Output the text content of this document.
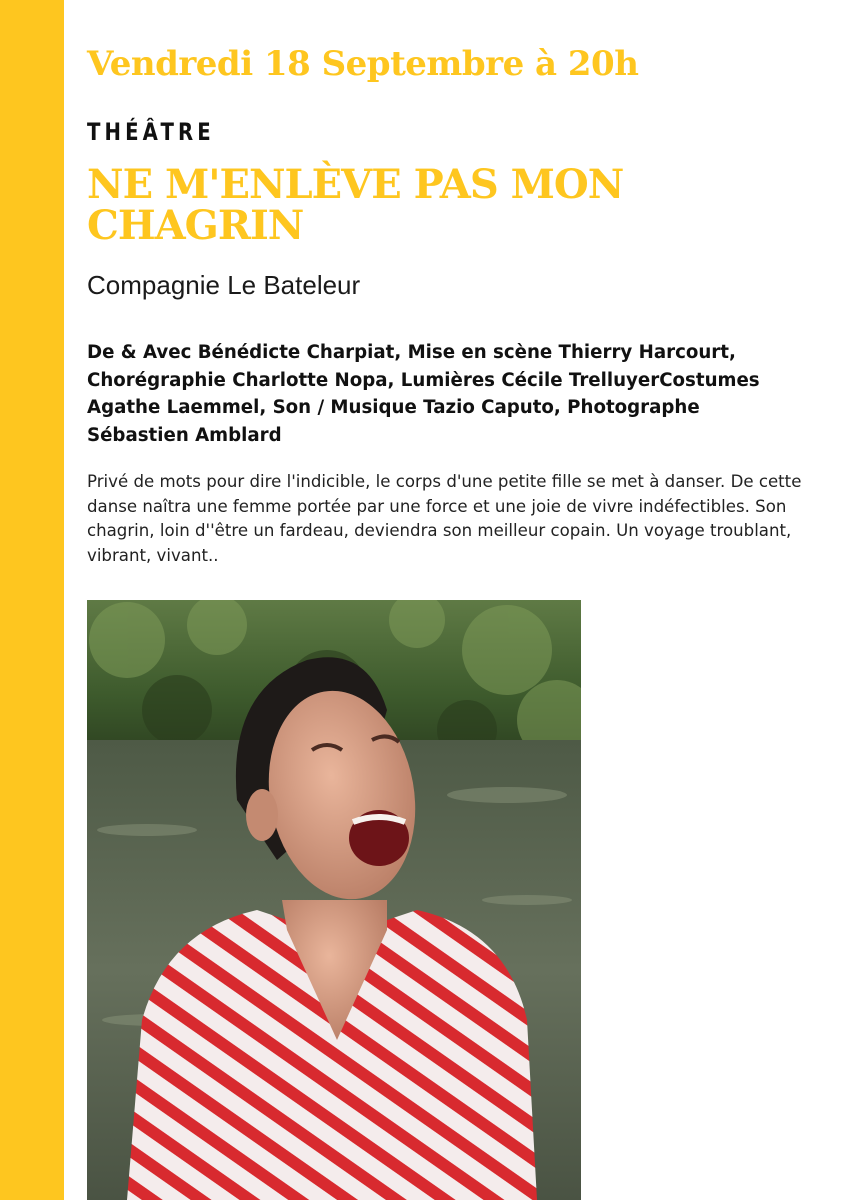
Vendredi 18 Septembre à 20h
THÉÂTRE
NE M'ENLÈVE PAS MON CHAGRIN

Compagnie Le Bateleur

De & Avec Bénédicte Charpiat, Mise en scène Thierry Harcourt, Chorégraphie Charlotte Nopa, Lumières Cécile TrelluyerCostumes Agathe Laemmel, Son / Musique Tazio Caputo, Photographe Sébastien Amblard

Privé de mots pour dire l'indicible, le corps d'une petite fille se met à danser. De cette danse naîtra une femme portée par une force et une joie de vivre indéfectibles. Son chagrin, loin d''être un fardeau, deviendra son meilleur copain. Un voyage troublant, vibrant, vivant..
